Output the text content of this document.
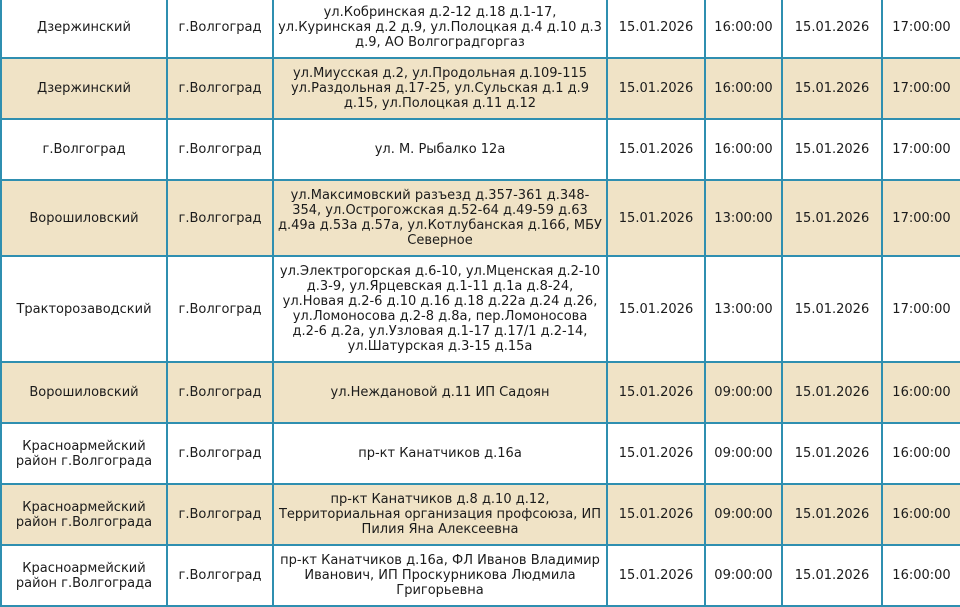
Дзержинский	г.Волгоград	ул.Кобринская д.2-12 д.18 д.1-17, ул.Куринская д.2 д.9, ул.Полоцкая д.4 д.10 д.3 д.9, АО Волгоградгоргаз	15.01.2026	16:00:00	15.01.2026	17:00:00
Дзержинский	г.Волгоград	ул.Миусская д.2, ул.Продольная д.109-115 ул.Раздольная д.17-25, ул.Сульская д.1 д.9 д.15, ул.Полоцкая д.11 д.12	15.01.2026	16:00:00	15.01.2026	17:00:00
г.Волгоград	г.Волгоград	ул. М. Рыбалко 12а	15.01.2026	16:00:00	15.01.2026	17:00:00
Ворошиловский	г.Волгоград	ул.Максимовский разъезд д.357-361 д.348-354, ул.Острогожская д.52-64 д.49-59 д.63 д.49а д.53а д.57а, ул.Котлубанская д.166, МБУ Северное	15.01.2026	13:00:00	15.01.2026	17:00:00
Тракторозаводский	г.Волгоград	ул.Электрогорская д.6-10, ул.Мценская д.2-10 д.3-9, ул.Ярцевская д.1-11 д.1а д.8-24, ул.Новая д.2-6 д.10 д.16 д.18 д.22а д.24 д.26, ул.Ломоносова д.2-8 д.8а, пер.Ломоносова д.2-6 д.2а, ул.Узловая д.1-17 д.17/1 д.2-14, ул.Шатурская д.3-15 д.15а	15.01.2026	13:00:00	15.01.2026	17:00:00
Ворошиловский	г.Волгоград	ул.Неждановой д.11 ИП Садоян	15.01.2026	09:00:00	15.01.2026	16:00:00
Красноармейский район г.Волгограда	г.Волгоград	пр-кт Канатчиков д.16а	15.01.2026	09:00:00	15.01.2026	16:00:00
Красноармейский район г.Волгограда	г.Волгоград	пр-кт Канатчиков д.8 д.10 д.12, Территориальная организация профсоюза, ИП Пилия Яна Алексеевна	15.01.2026	09:00:00	15.01.2026	16:00:00
Красноармейский район г.Волгограда	г.Волгоград	пр-кт Канатчиков д.16а, ФЛ Иванов Владимир Иванович, ИП Проскурникова Людмила Григорьевна	15.01.2026	09:00:00	15.01.2026	16:00:00
